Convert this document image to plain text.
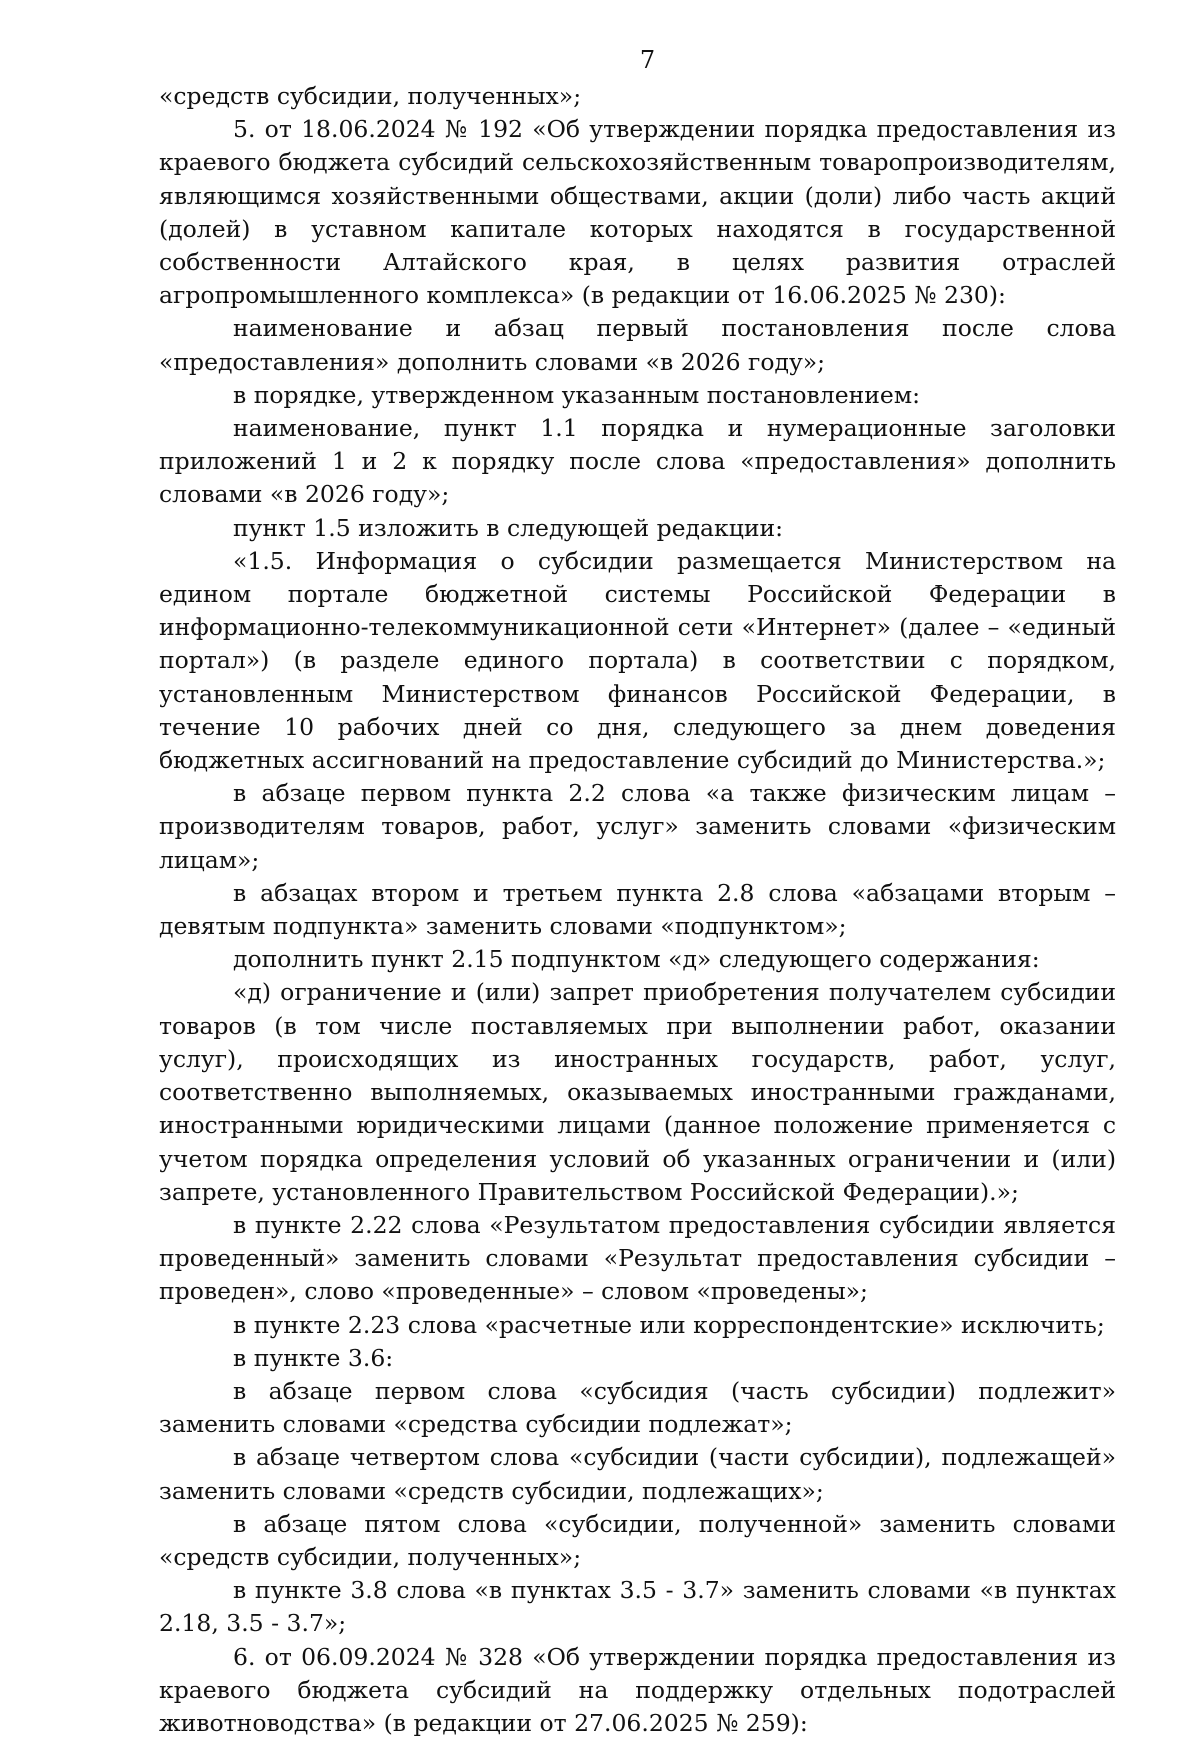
7

«средств субсидии, полученных»;

5. от 18.06.2024 № 192 «Об утверждении порядка предоставления из краевого бюджета субсидий сельскохозяйственным товаропроизводителям, являющимся хозяйственными обществами, акции (доли) либо часть акций (долей) в уставном капитале которых находятся в государственной собственности Алтайского края, в целях развития отраслей агропромышленного комплекса» (в редакции от 16.06.2025 № 230):

наименование и абзац первый постановления после слова «предоставления» дополнить словами «в 2026 году»;

в порядке, утвержденном указанным постановлением:

наименование, пункт 1.1 порядка и нумерационные заголовки приложений 1 и 2 к порядку после слова «предоставления» дополнить словами «в 2026 году»;

пункт 1.5 изложить в следующей редакции:

«1.5. Информация о субсидии размещается Министерством на едином портале бюджетной системы Российской Федерации в информационно-телекоммуникационной сети «Интернет» (далее – «единый портал») (в разделе единого портала) в соответствии с порядком, установленным Министерством финансов Российской Федерации, в течение 10 рабочих дней со дня, следующего за днем доведения бюджетных ассигнований на предоставление субсидий до Министерства.»;

в абзаце первом пункта 2.2 слова «а также физическим лицам – производителям товаров, работ, услуг» заменить словами «физическим лицам»;

в абзацах втором и третьем пункта 2.8 слова «абзацами вторым – девятым подпункта» заменить словами «подпунктом»;

дополнить пункт 2.15 подпунктом «д» следующего содержания:

«д) ограничение и (или) запрет приобретения получателем субсидии товаров (в том числе поставляемых при выполнении работ, оказании услуг), происходящих из иностранных государств, работ, услуг, соответственно выполняемых, оказываемых иностранными гражданами, иностранными юридическими лицами (данное положение применяется с учетом порядка определения условий об указанных ограничении и (или) запрете, установленного Правительством Российской Федерации).»;

в пункте 2.22 слова «Результатом предоставления субсидии является проведенный» заменить словами «Результат предоставления субсидии – проведен», слово «проведенные» – словом «проведены»;

в пункте 2.23 слова «расчетные или корреспондентские» исключить;

в пункте 3.6:

в абзаце первом слова «субсидия (часть субсидии) подлежит» заменить словами «средства субсидии подлежат»;

в абзаце четвертом слова «субсидии (части субсидии), подлежащей» заменить словами «средств субсидии, подлежащих»;

в абзаце пятом слова «субсидии, полученной» заменить словами «средств субсидии, полученных»;

в пункте 3.8 слова «в пунктах 3.5 - 3.7» заменить словами «в пунктах 2.18, 3.5 - 3.7»;

6. от 06.09.2024 № 328 «Об утверждении порядка предоставления из краевого бюджета субсидий на поддержку отдельных подотраслей животноводства» (в редакции от 27.06.2025 № 259):
